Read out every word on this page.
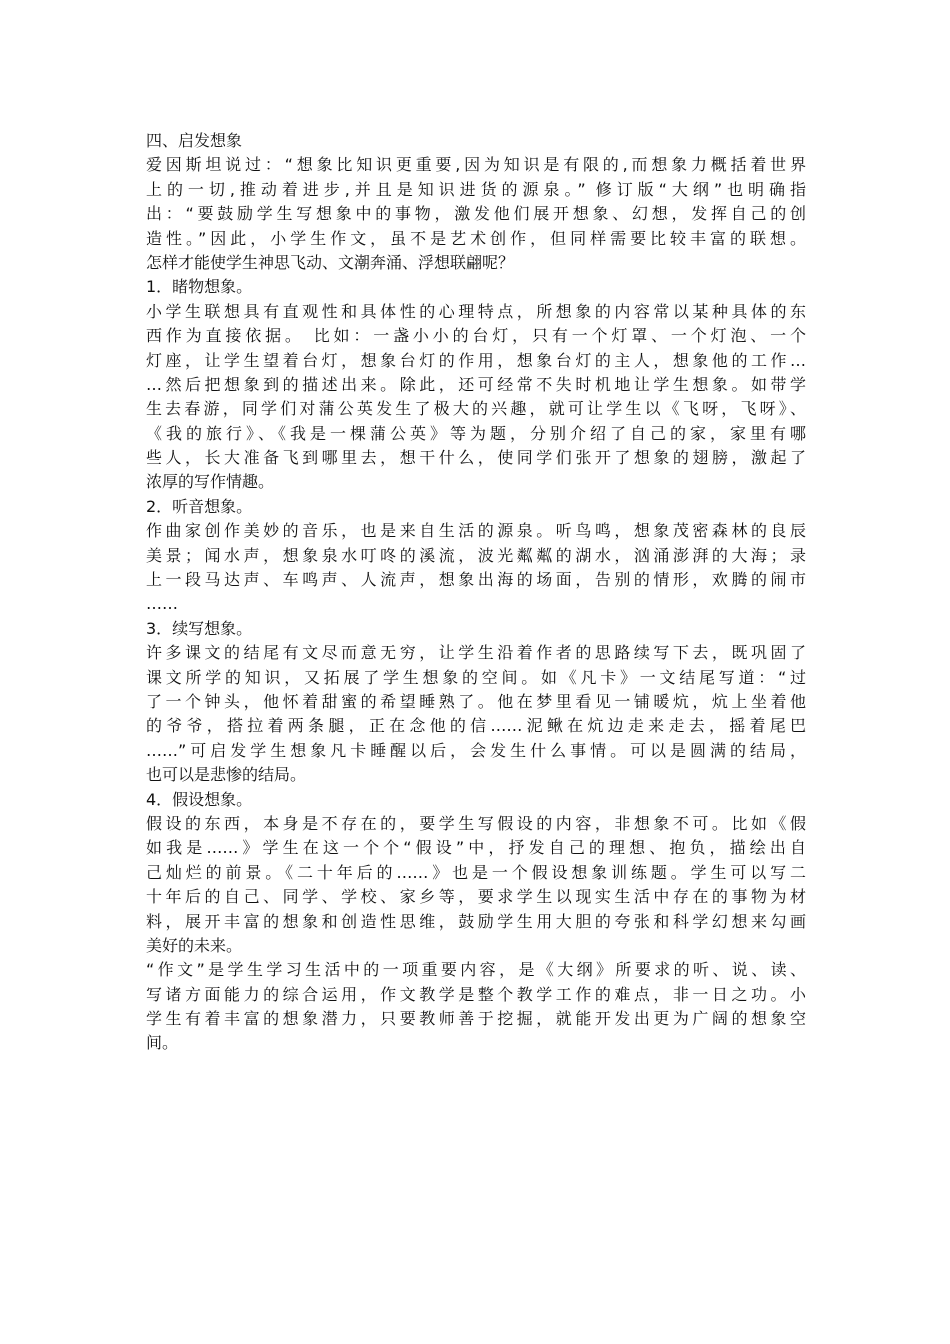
四、启发想象
爱因斯坦说过：“想象比知识更重要,因为知识是有限的,而想象力概括着世界
上的一切,推动着进步,并且是知识进货的源泉。” 修订版“大纲”也明确指
出：“要鼓励学生写想象中的事物，激发他们展开想象、幻想，发挥自己的创
造性。”因此，小学生作文，虽不是艺术创作，但同样需要比较丰富的联想。
怎样才能使学生神思飞动、文潮奔涌、浮想联翩呢？
1．睹物想象。
小学生联想具有直观性和具体性的心理特点，所想象的内容常以某种具体的东
西作为直接依据。 比如：一盏小小的台灯，只有一个灯罩、一个灯泡、一个
灯座，让学生望着台灯，想象台灯的作用，想象台灯的主人，想象他的工作…
…然后把想象到的描述出来。除此，还可经常不失时机地让学生想象。如带学
生去春游，同学们对蒲公英发生了极大的兴趣，就可让学生以《飞呀，飞呀》、
《我的旅行》、《我是一棵蒲公英》等为题，分别介绍了自己的家，家里有哪
些人，长大准备飞到哪里去，想干什么，使同学们张开了想象的翅膀，激起了
浓厚的写作情趣。
2．听音想象。
作曲家创作美妙的音乐，也是来自生活的源泉。听鸟鸣，想象茂密森林的良辰
美景；闻水声，想象泉水叮咚的溪流，波光粼粼的湖水，汹涌澎湃的大海；录
上一段马达声、车鸣声、人流声，想象出海的场面，告别的情形，欢腾的闹市
……
3．续写想象。
许多课文的结尾有文尽而意无穷，让学生沿着作者的思路续写下去，既巩固了
课文所学的知识，又拓展了学生想象的空间。如《凡卡》一文结尾写道：“过
了一个钟头，他怀着甜蜜的希望睡熟了。他在梦里看见一铺暖炕，炕上坐着他
的爷爷，搭拉着两条腿，正在念他的信……泥鳅在炕边走来走去，摇着尾巴
……”可启发学生想象凡卡睡醒以后，会发生什么事情。可以是圆满的结局，
也可以是悲惨的结局。
4．假设想象。
假设的东西，本身是不存在的，要学生写假设的内容，非想象不可。比如《假
如我是……》学生在这一个个“假设”中，抒发自己的理想、抱负，描绘出自
己灿烂的前景。《二十年后的……》也是一个假设想象训练题。学生可以写二
十年后的自己、同学、学校、家乡等，要求学生以现实生活中存在的事物为材
料，展开丰富的想象和创造性思维，鼓励学生用大胆的夸张和科学幻想来勾画
美好的未来。
“作文”是学生学习生活中的一项重要内容，是《大纲》所要求的听、说、读、
写诸方面能力的综合运用，作文教学是整个教学工作的难点，非一日之功。小
学生有着丰富的想象潜力，只要教师善于挖掘，就能开发出更为广阔的想象空
间。
